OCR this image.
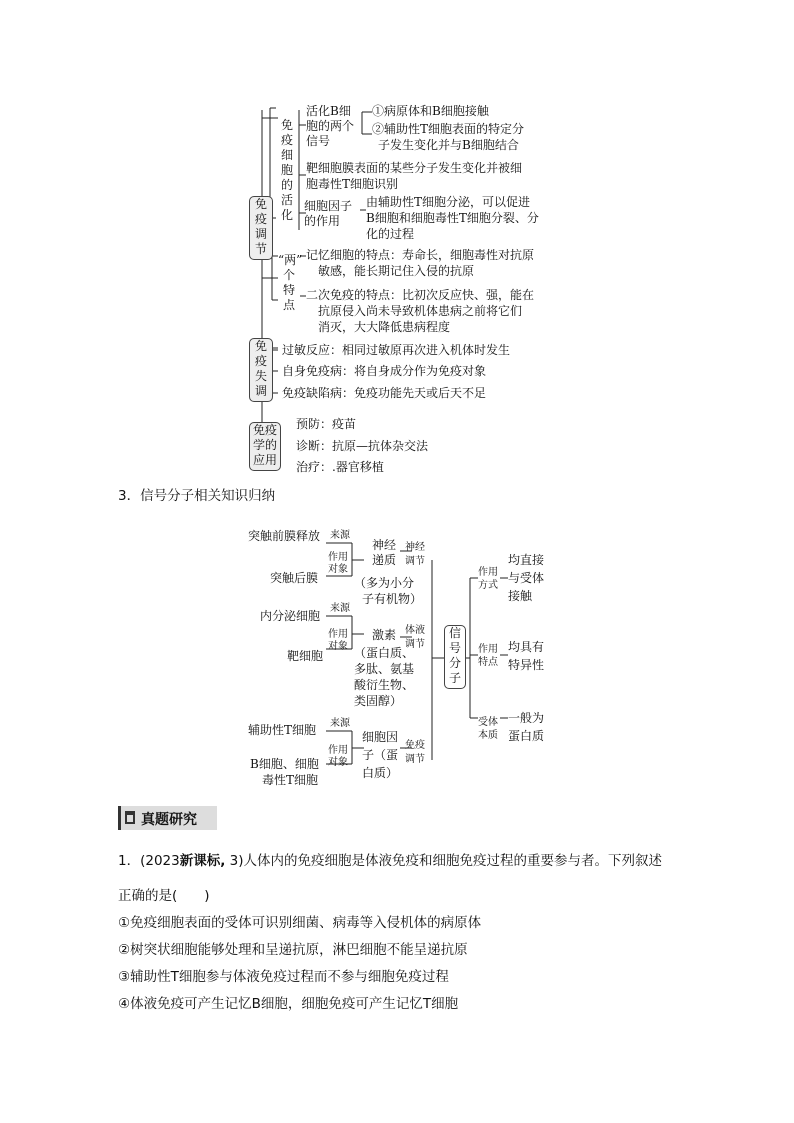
免
疫
调
节
免
疫
细
胞
的
活
化
活化B细
胞的两个
信号
①病原体和B细胞接触
②辅助性T细胞表面的特定分
子发生变化并与B细胞结合
靶细胞膜表面的某些分子发生变化并被细
胞毒性T细胞识别
细胞因子
的作用
由辅助性T细胞分泌，可以促进
B细胞和细胞毒性T细胞分裂、分
化的过程
“两”
个
特
点
记忆细胞的特点：寿命长，细胞毒性对抗原
敏感，能长期记住入侵的抗原
二次免疫的特点：比初次反应快、强，能在
抗原侵入尚未导致机体患病之前将它们
消灭，大大降低患病程度
免
疫
失
调
过敏反应：相同过敏原再次进入机体时发生
自身免疫病：将自身成分作为免疫对象
免疫缺陷病：免疫功能先天或后天不足
免疫
学的
应用
预防：疫苗
诊断：抗原—抗体杂交法
治疗：.器官移植
3．信号分子相关知识归纳
突触前膜释放 来源
作用
对象
突触后膜
神经
递质
（多为小分
子有机物）
神经
调节
内分泌细胞
来源
作用
对象
靶细胞
激素
（蛋白质、
多肽、氨基
酸衍生物、
类固醇）
体液
调节
辅助性T细胞 来源
作用
对象
B细胞、细胞
毒性T细胞
细胞因
子（蛋
白质）
免疫
调节
信
号
分
子
作用
方式
均直接
与受体
接触
作用
特点
均具有
特异性
受体
本质
一般为
蛋白质
真题研究
1．(2023新课标, 3)人体内的免疫细胞是体液免疫和细胞免疫过程的重要参与者。下列叙述
正确的是(　　)
①免疫细胞表面的受体可识别细菌、病毒等入侵机体的病原体
②树突状细胞能够处理和呈递抗原，淋巴细胞不能呈递抗原
③辅助性T细胞参与体液免疫过程而不参与细胞免疫过程
④体液免疫可产生记忆B细胞，细胞免疫可产生记忆T细胞
